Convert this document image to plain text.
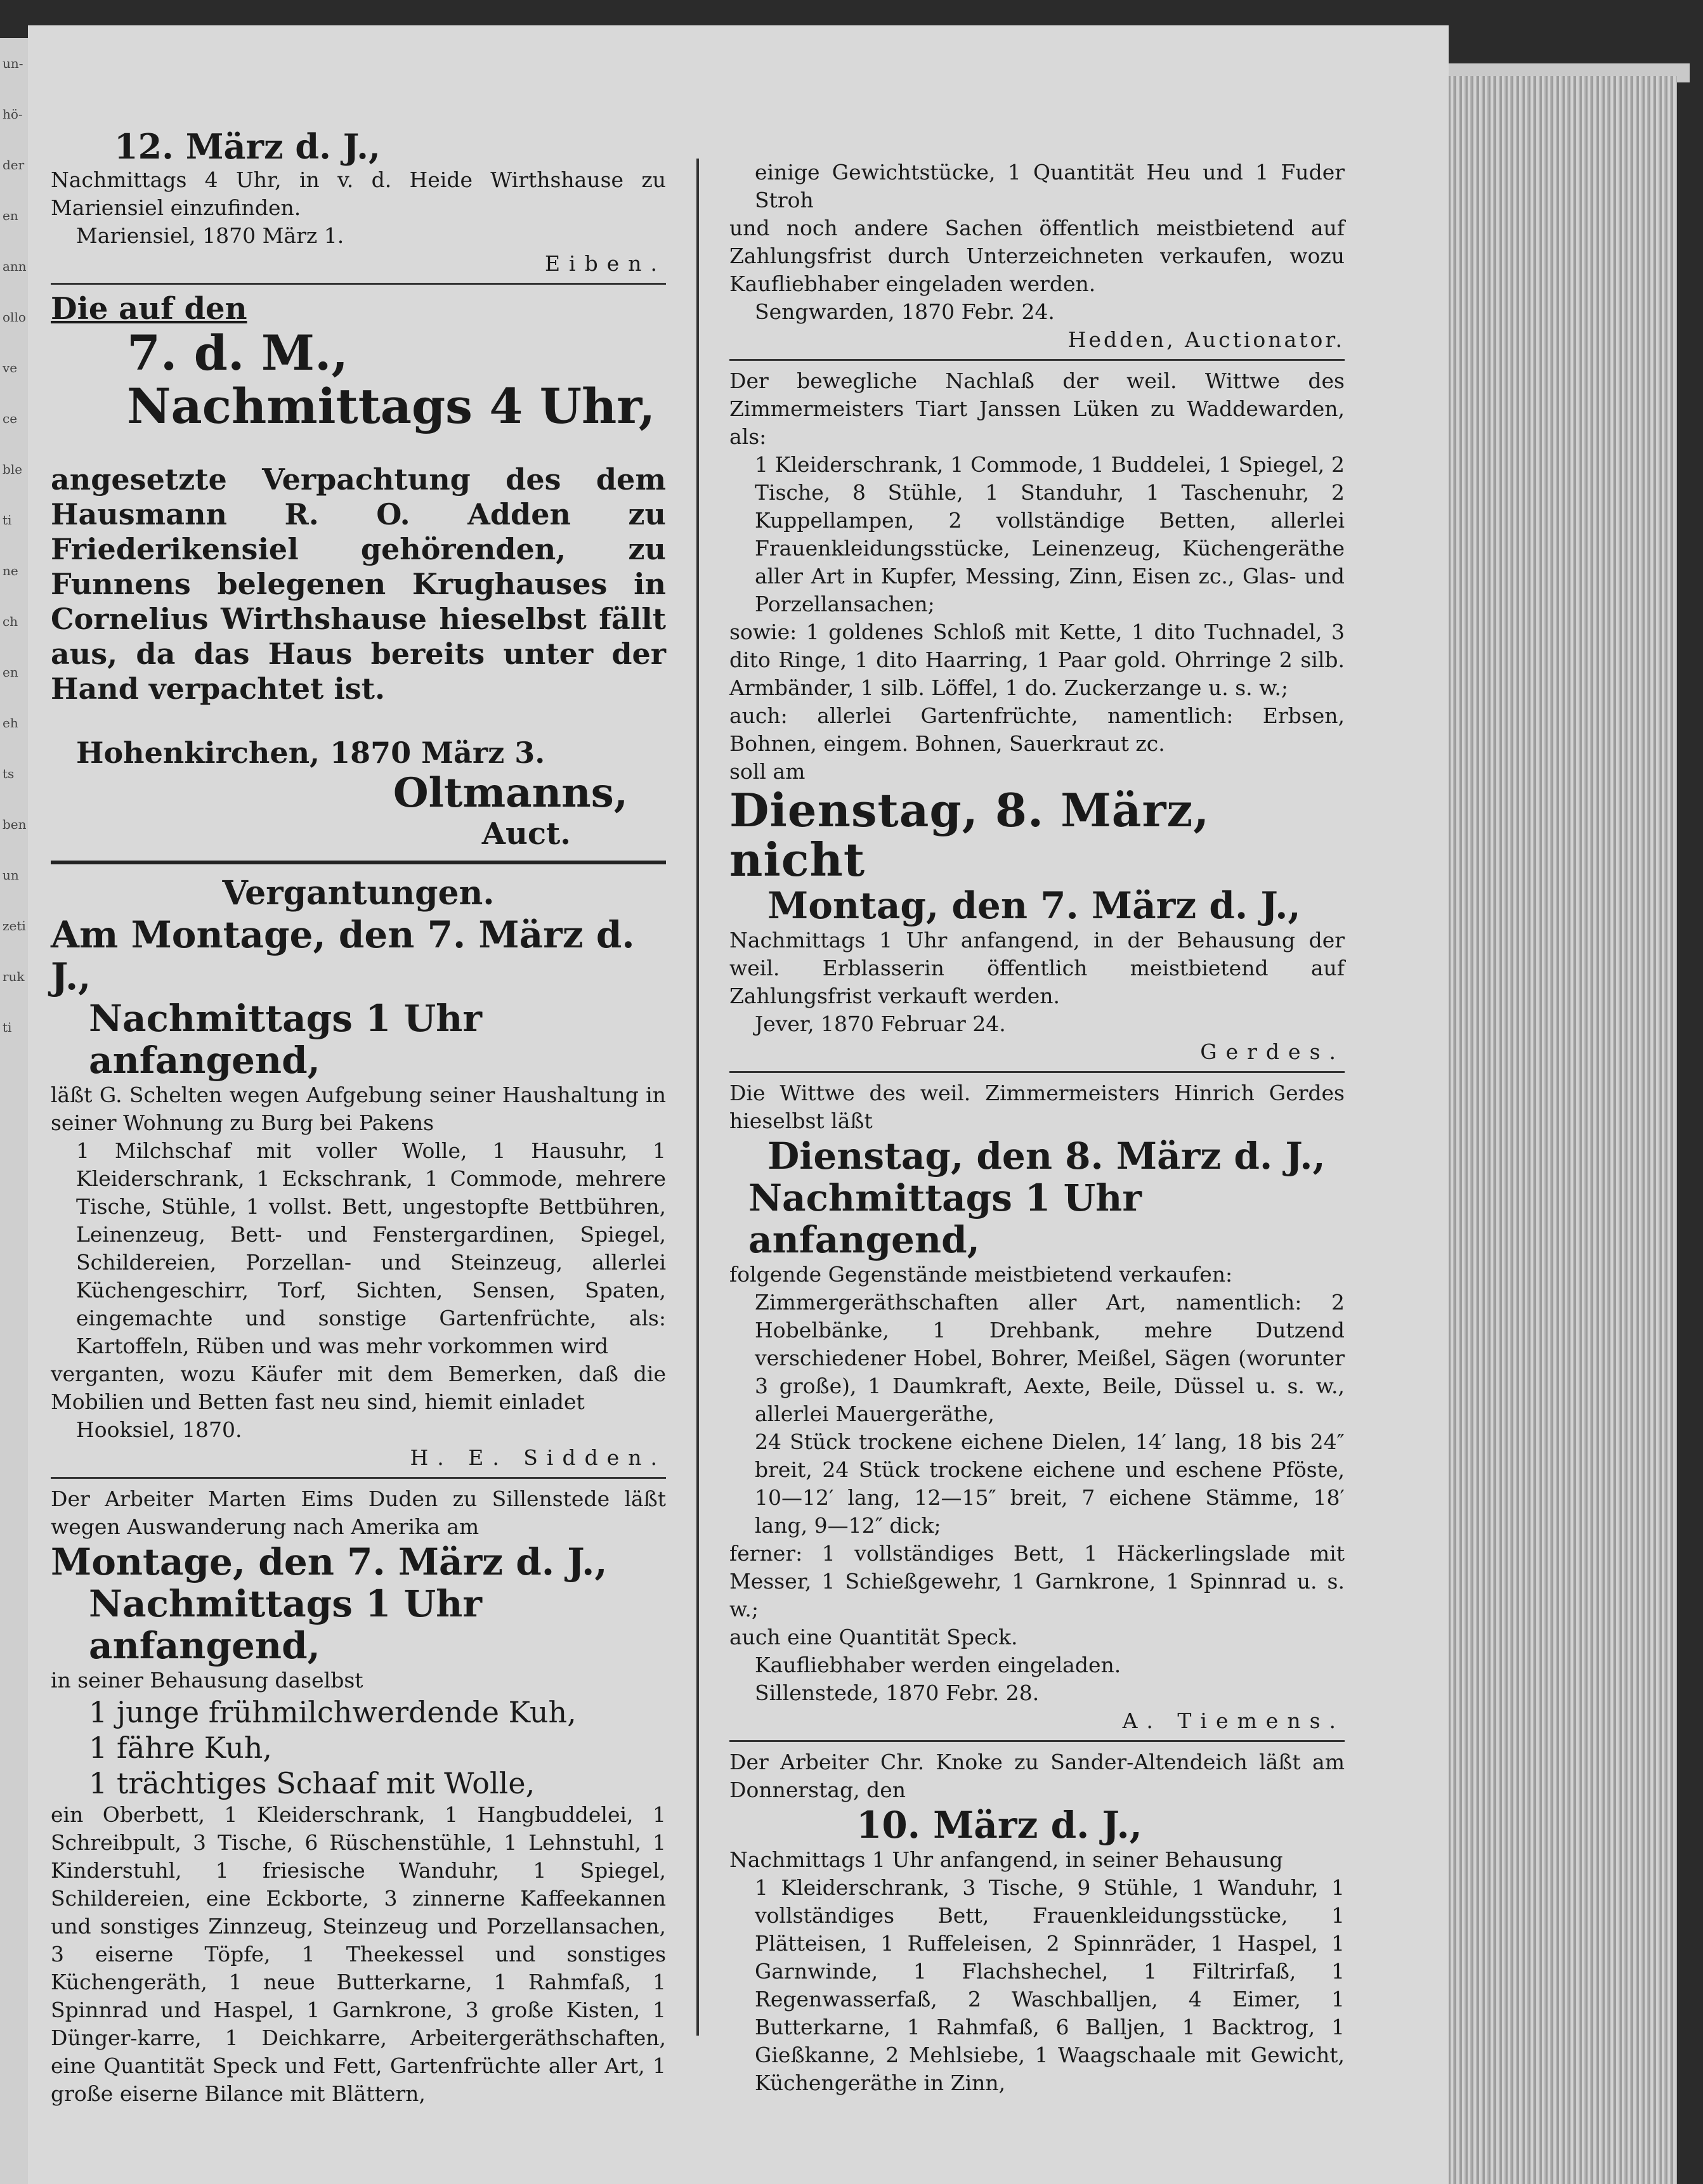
un-
hö-
der
en
ann
ollo
ve
ce
ble
ti
ne
ch
en
eh
ts
ben
un
zeti
ruk
ti
12. März d. J.,

Nachmittags 4 Uhr, in v. d. Heide Wirthshause zu Mariensiel einzufinden.

Mariensiel, 1870 März 1.

Eiben.

Die auf den
7. d. M., Nachmittags 4 Uhr,

angesetzte Verpachtung des dem Hausmann R. O. Adden zu Friederikensiel gehörenden, zu Funnens belegenen Krughauses in Cornelius Wirthshause hieselbst fällt aus, da das Haus bereits unter der Hand verpachtet ist.

Hohenkirchen, 1870 März 3.

Oltmanns,
Auct.
Vergantungen.
Am Montage, den 7. März d. J.,
Nachmittags 1 Uhr anfangend,

läßt G. Schelten wegen Aufgebung seiner Haushaltung in seiner Wohnung zu Burg bei Pakens

1 Milchschaf mit voller Wolle, 1 Hausuhr, 1 Kleiderschrank, 1 Eckschrank, 1 Commode, mehrere Tische, Stühle, 1 vollst. Bett, ungestopfte Bettbühren, Leinenzeug, Bett- und Fenstergardinen, Spiegel, Schildereien, Porzellan- und Steinzeug, allerlei Küchengeschirr, Torf, Sichten, Sensen, Spaten, eingemachte und sonstige Gartenfrüchte, als: Kartoffeln, Rüben und was mehr vorkommen wird

verganten, wozu Käufer mit dem Bemerken, daß die Mobilien und Betten fast neu sind, hiemit einladet

Hooksiel, 1870.

H. E. Sidden.

Der Arbeiter Marten Eims Duden zu Sillenstede läßt wegen Auswanderung nach Amerika am

Montage, den 7. März d. J.,
Nachmittags 1 Uhr anfangend,

in seiner Behausung daselbst

1 junge frühmilchwerdende Kuh,
1 fähre Kuh,
1 trächtiges Schaaf mit Wolle,

ein Oberbett, 1 Kleiderschrank, 1 Hangbuddelei, 1 Schreibpult, 3 Tische, 6 Rüschenstühle, 1 Lehnstuhl, 1 Kinderstuhl, 1 friesische Wanduhr, 1 Spiegel, Schildereien, eine Eckborte, 3 zinnerne Kaffeekannen und sonstiges Zinnzeug, Steinzeug und Porzellansachen, 3 eiserne Töpfe, 1 Theekessel und sonstiges Küchengeräth, 1 neue Butterkarne, 1 Rahmfaß, 1 Spinnrad und Haspel, 1 Garnkrone, 3 große Kisten, 1 Dünger-karre, 1 Deichkarre, Arbeitergeräthschaften, eine Quantität Speck und Fett, Gartenfrüchte aller Art, 1 große eiserne Bilance mit Blättern,

einige Gewichtstücke, 1 Quantität Heu und 1 Fuder Stroh

und noch andere Sachen öffentlich meistbietend auf Zahlungsfrist durch Unterzeichneten verkaufen, wozu Kaufliebhaber eingeladen werden.

Sengwarden, 1870 Febr. 24.

Hedden, Auctionator.

Der bewegliche Nachlaß der weil. Wittwe des Zimmermeisters Tiart Janssen Lüken zu Waddewarden, als:

1 Kleiderschrank, 1 Commode, 1 Buddelei, 1 Spiegel, 2 Tische, 8 Stühle, 1 Standuhr, 1 Taschenuhr, 2 Kuppellampen, 2 vollständige Betten, allerlei Frauenkleidungsstücke, Leinenzeug, Küchengeräthe aller Art in Kupfer, Messing, Zinn, Eisen zc., Glas- und Porzellansachen;

sowie: 1 goldenes Schloß mit Kette, 1 dito Tuchnadel, 3 dito Ringe, 1 dito Haarring, 1 Paar gold. Ohrringe 2 silb. Armbänder, 1 silb. Löffel, 1 do. Zuckerzange u. s. w.;

auch: allerlei Gartenfrüchte, namentlich: Erbsen, Bohnen, eingem. Bohnen, Sauerkraut zc.

soll am

Dienstag, 8. März, nicht
Montag, den 7. März d. J.,

Nachmittags 1 Uhr anfangend, in der Behausung der weil. Erblasserin öffentlich meistbietend auf Zahlungsfrist verkauft werden.

Jever, 1870 Februar 24.

Gerdes.

Die Wittwe des weil. Zimmermeisters Hinrich Gerdes hieselbst läßt

Dienstag, den 8. März d. J.,
Nachmittags 1 Uhr anfangend,

folgende Gegenstände meistbietend verkaufen:

Zimmergeräthschaften aller Art, namentlich: 2 Hobelbänke, 1 Drehbank, mehre Dutzend verschiedener Hobel, Bohrer, Meißel, Sägen (worunter 3 große), 1 Daumkraft, Aexte, Beile, Düssel u. s. w., allerlei Mauergeräthe,

24 Stück trockene eichene Dielen, 14′ lang, 18 bis 24″ breit, 24 Stück trockene eichene und eschene Pföste, 10—12′ lang, 12—15″ breit, 7 eichene Stämme, 18′ lang, 9—12″ dick;

ferner: 1 vollständiges Bett, 1 Häckerlingslade mit Messer, 1 Schießgewehr, 1 Garnkrone, 1 Spinnrad u. s. w.;

auch eine Quantität Speck.

Kaufliebhaber werden eingeladen.

Sillenstede, 1870 Febr. 28.

A. Tiemens.

Der Arbeiter Chr. Knoke zu Sander-Altendeich läßt am Donnerstag, den

10. März d. J.,

Nachmittags 1 Uhr anfangend, in seiner Behausung

1 Kleiderschrank, 3 Tische, 9 Stühle, 1 Wanduhr, 1 vollständiges Bett, Frauenkleidungsstücke, 1 Plätteisen, 1 Ruffeleisen, 2 Spinnräder, 1 Haspel, 1 Garnwinde, 1 Flachshechel, 1 Filtrirfaß, 1 Regenwasserfaß, 2 Waschballjen, 4 Eimer, 1 Butterkarne, 1 Rahmfaß, 6 Balljen, 1 Backtrog, 1 Gießkanne, 2 Mehlsiebe, 1 Waagschaale mit Gewicht, Küchengeräthe in Zinn,
